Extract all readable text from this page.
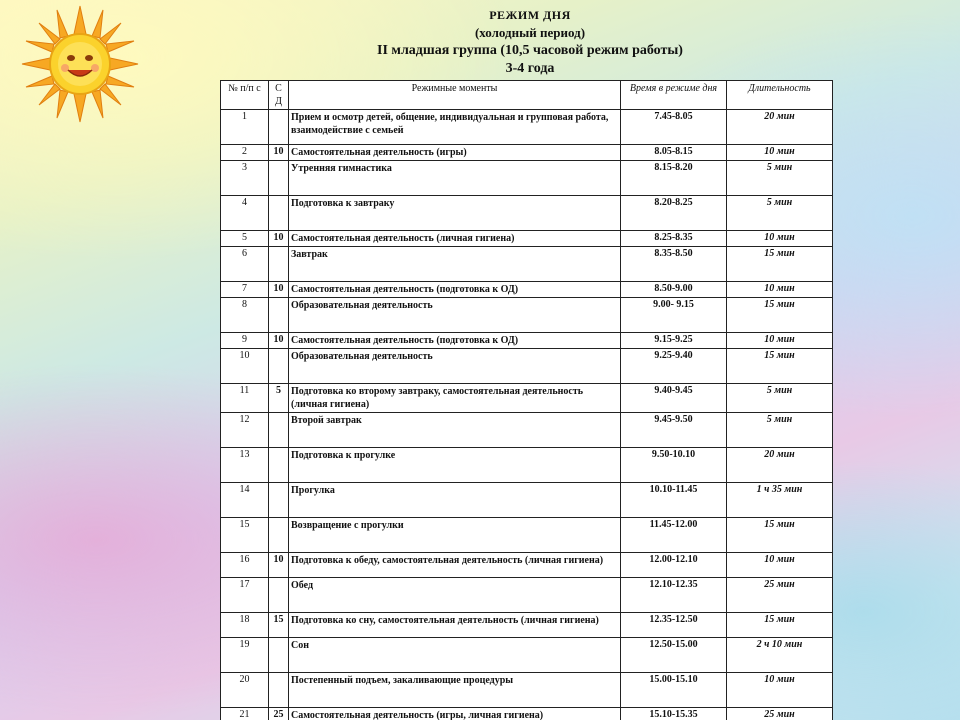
РЕЖИМ ДНЯ
(холодный период)
II младшая группа (10,5 часовой режим работы)
3-4 года
№ п/п с	С Д	Режимные моменты	Время в режиме дня	Длительность
1		Прием и осмотр детей, общение, индивидуальная и групповая работа, взаимодействие с семьей	7.45-8.05	20 мин
2	10	Самостоятельная деятельность (игры)	8.05-8.15	10 мин
3		Утренняя гимнастика	8.15-8.20	5 мин
4		Подготовка к завтраку	8.20-8.25	5 мин
5	10	Самостоятельная деятельность (личная гигиена)	8.25-8.35	10 мин
6		Завтрак	8.35-8.50	15 мин
7	10	Самостоятельная деятельность (подготовка к ОД)	8.50-9.00	10 мин
8		Образовательная деятельность	9.00- 9.15	15 мин
9	10	Самостоятельная деятельность (подготовка к ОД)	9.15-9.25	10 мин
10		Образовательная деятельность	9.25-9.40	15 мин
11	5	Подготовка ко второму завтраку, самостоятельная деятельность (личная гигиена)	9.40-9.45	5 мин
12		Второй завтрак	9.45-9.50	5 мин
13		Подготовка к прогулке	9.50-10.10	20 мин
14		Прогулка	10.10-11.45	1 ч 35 мин
15		Возвращение с прогулки	11.45-12.00	15 мин
16	10	Подготовка к обеду, самостоятельная деятельность (личная гигиена)	12.00-12.10	10 мин
17		Обед	12.10-12.35	25 мин
18	15	Подготовка ко сну, самостоятельная деятельность (личная гигиена)	12.35-12.50	15 мин
19		Сон	12.50-15.00	2 ч 10 мин
20		Постепенный подъем, закаливающие процедуры	15.00-15.10	10 мин
21	25	Самостоятельная деятельность (игры, личная гигиена)	15.10-15.35	25 мин
